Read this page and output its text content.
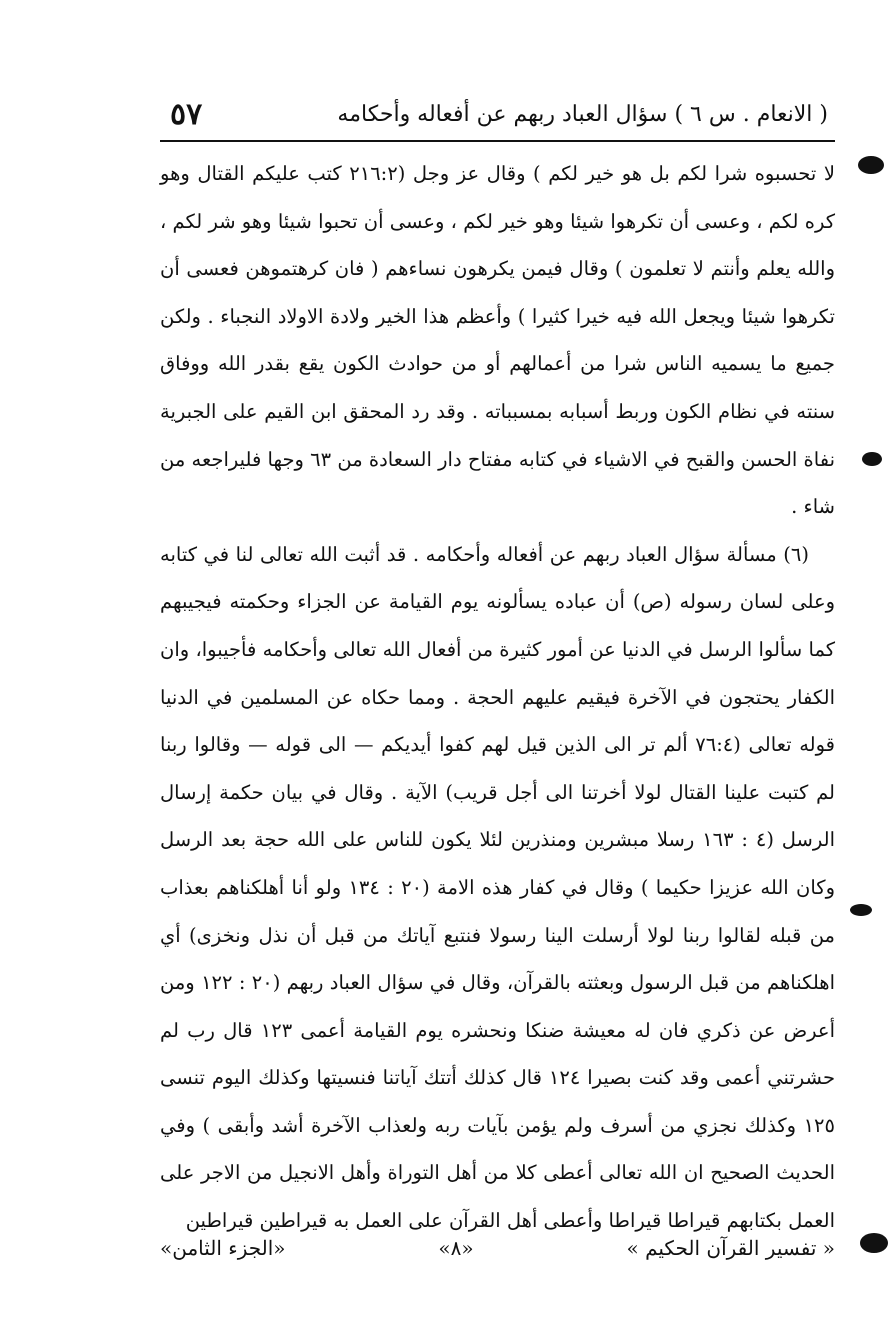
٥٧	( الانعام . س ٦ ) سؤال العباد ربهم عن أفعاله وأحكامه

لا تحسبوه شرا لكم بل هو خير لكم ) وقال عز وجل (٢١٦:٢ كتب عليكم القتال وهو كره لكم ، وعسى أن تكرهوا شيئا وهو خير لكم ، وعسى أن تحبوا شيئا وهو شر لكم ، والله يعلم وأنتم لا تعلمون ) وقال فيمن يكرهون نساءهم ( فان كرهتموهن فعسى أن تكرهوا شيئا ويجعل الله فيه خيرا كثيرا ) وأعظم هذا الخير ولادة الاولاد النجباء . ولكن جميع ما يسميه الناس شرا من أعمالهم أو من حوادث الكون يقع بقدر الله ووفاق سنته في نظام الكون وربط أسبابه بمسبباته . وقد رد المحقق ابن القيم على الجبرية نفاة الحسن والقبح في الاشياء في كتابه مفتاح دار السعادة من ٦٣ وجها فليراجعه من شاء .

(٦) مسألة سؤال العباد ربهم عن أفعاله وأحكامه . قد أثبت الله تعالى لنا في كتابه وعلى لسان رسوله (ص) أن عباده يسألونه يوم القيامة عن الجزاء وحكمته فيجيبهم كما سألوا الرسل في الدنيا عن أمور كثيرة من أفعال الله تعالى وأحكامه فأجيبوا، وان الكفار يحتجون في الآخرة فيقيم عليهم الحجة . ومما حكاه عن المسلمين في الدنيا قوله تعالى (٧٦:٤ ألم تر الى الذين قيل لهم كفوا أيديكم — الى قوله — وقالوا ربنا لم كتبت علينا القتال لولا أخرتنا الى أجل قريب) الآية . وقال في بيان حكمة إرسال الرسل (٤ : ١٦٣ رسلا مبشرين ومنذرين لئلا يكون للناس على الله حجة بعد الرسل وكان الله عزيزا حكيما ) وقال في كفار هذه الامة (٢٠ : ١٣٤ ولو أنا أهلكناهم بعذاب من قبله لقالوا ربنا لولا أرسلت الينا رسولا فنتبع آياتك من قبل أن نذل ونخزى) أي اهلكناهم من قبل الرسول وبعثته بالقرآن، وقال في سؤال العباد ربهم (٢٠ : ١٢٢ ومن أعرض عن ذكري فان له معيشة ضنكا ونحشره يوم القيامة أعمى ١٢٣ قال رب لم حشرتني أعمى وقد كنت بصيرا ١٢٤ قال كذلك أتتك آياتنا فنسيتها وكذلك اليوم تنسى ١٢٥ وكذلك نجزي من أسرف ولم يؤمن بآيات ربه ولعذاب الآخرة أشد وأبقى ) وفي الحديث الصحيح ان الله تعالى أعطى كلا من أهل التوراة وأهل الانجيل من الاجر على العمل بكتابهم قيراطا قيراطا وأعطى أهل القرآن على العمل به قيراطين قيراطين

«الجزء الثامن»	«٨»	« تفسير القرآن الحكيم »
